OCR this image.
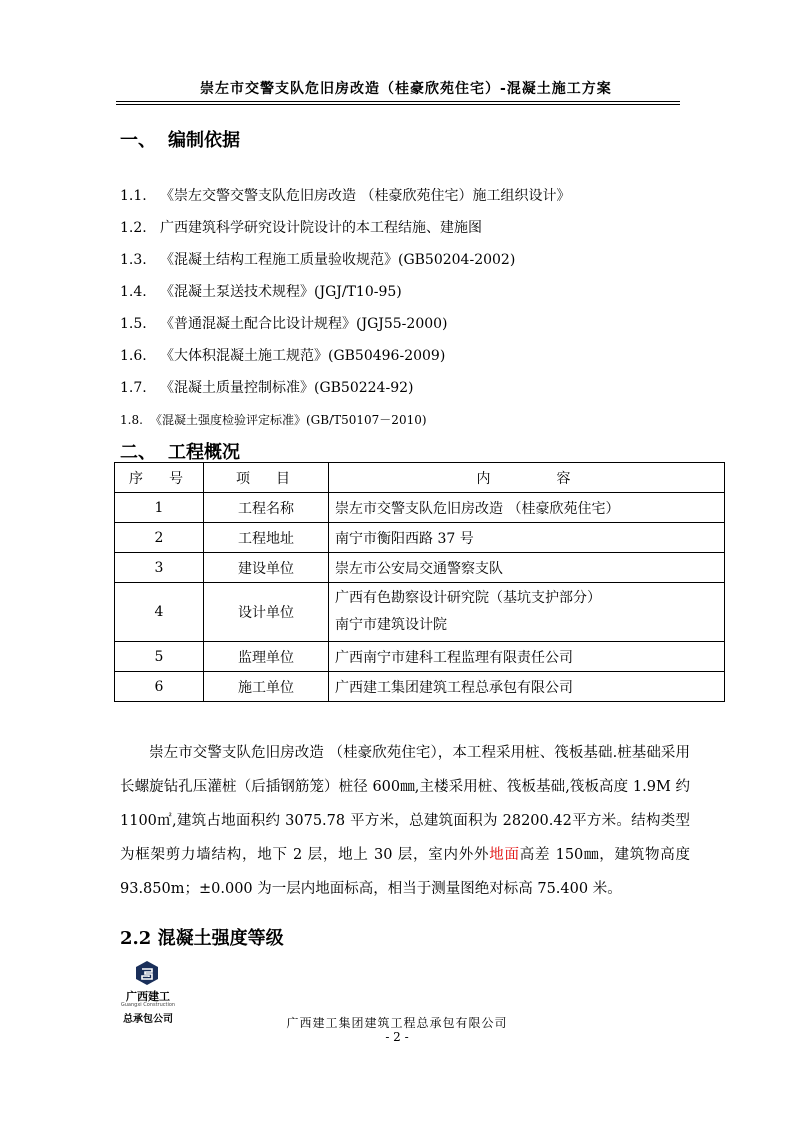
崇左市交警支队危旧房改造（桂豪欣苑住宅）-混凝土施工方案
一、 编制依据
1.1. 《崇左交警交警支队危旧房改造 （桂豪欣苑住宅）施工组织设计》
1.2. 广西建筑科学研究设计院设计的本工程结施、建施图
1.3. 《混凝土结构工程施工质量验收规范》(GB50204-2002)
1.4. 《混凝土泵送技术规程》(JGJ/T10-95)
1.5. 《普通混凝土配合比设计规程》(JGJ55-2000)
1.6. 《大体积混凝土施工规范》(GB50496-2009)
1.7. 《混凝土质量控制标准》(GB50224-92)
1.8. 《混凝土强度检验评定标准》(GB/T50107－2010)
二、 工程概况
序　号	项　目	内　　　容
1	工程名称	崇左市交警支队危旧房改造 （桂豪欣苑住宅）
2	工程地址	南宁市衡阳西路 37 号
3	建设单位	崇左市公安局交通警察支队
4	设计单位	广西有色勘察设计研究院（基坑支护部分）
南宁市建筑设计院

5	监理单位	广西南宁市建科工程监理有限责任公司
6	施工单位	广西建工集团建筑工程总承包有限公司
崇左市交警支队危旧房改造 （桂豪欣苑住宅），本工程采用桩、筏板基础.桩基础采用长螺旋钻孔压灌桩（后插钢筋笼）桩径 600㎜,主楼采用桩、筏板基础,筏板高度 1.9M 约 1100㎡,建筑占地面积约 3075.78 平方米，总建筑面积为 28200.42平方米。结构类型为框架剪力墙结构，地下 2 层，地上 30 层，室内外外地面高差 150㎜，建筑物高度 93.850m；±0.000 为一层内地面标高，相当于测量图绝对标高 75.400 米。
2.2 混凝土强度等级
广西建工
Guangxi Construction
总承包公司	广西建工集团建筑工程总承包有限公司
- 2 -
